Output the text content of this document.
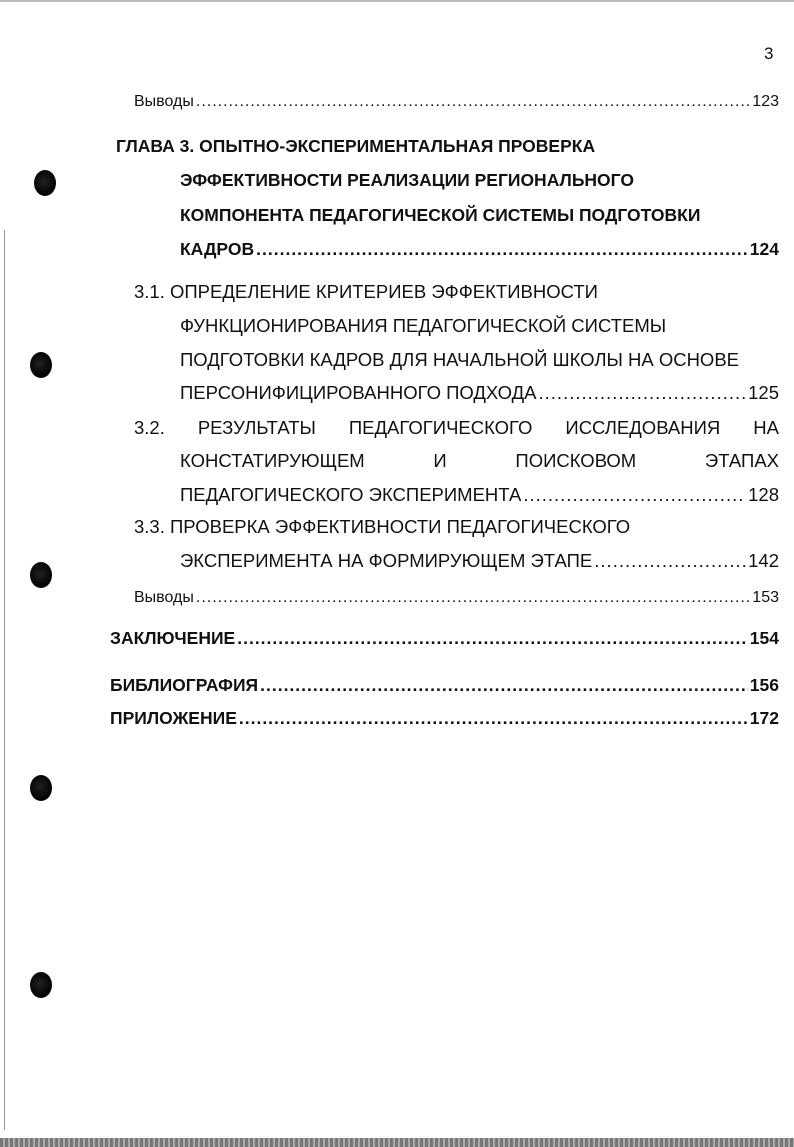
3
Выводы .....	123
ГЛАВА 3. ОПЫТНО-ЭКСПЕРИМЕНТАЛЬНАЯ ПРОВЕРКА
ЭФФЕКТИВНОСТИ РЕАЛИЗАЦИИ РЕГИОНАЛЬНОГО
КОМПОНЕНТА ПЕДАГОГИЧЕСКОЙ СИСТЕМЫ ПОДГОТОВКИ
КАДРОВ .....	124
3.1. ОПРЕДЕЛЕНИЕ КРИТЕРИЕВ ЭФФЕКТИВНОСТИ
ФУНКЦИОНИРОВАНИЯ ПЕДАГОГИЧЕСКОЙ СИСТЕМЫ
ПОДГОТОВКИ КАДРОВ ДЛЯ НАЧАЛЬНОЙ ШКОЛЫ НА ОСНОВЕ
ПЕРСОНИФИЦИРОВАННОГО ПОДХОДА .....	125
3.2. РЕЗУЛЬТАТЫ ПЕДАГОГИЧЕСКОГО ИССЛЕДОВАНИЯ НА
КОНСТАТИРУЮЩЕМ	И	ПОИСКОВОМ	ЭТАПАХ
ПЕДАГОГИЧЕСКОГО ЭКСПЕРИМЕНТА .....	128
3.3. ПРОВЕРКА ЭФФЕКТИВНОСТИ ПЕДАГОГИЧЕСКОГО
ЭКСПЕРИМЕНТА НА ФОРМИРУЮЩЕМ ЭТАПЕ .....	142
Выводы .....	153
ЗАКЛЮЧЕНИЕ .....	154
БИБЛИОГРАФИЯ .....	156
ПРИЛОЖЕНИЕ .....	172
